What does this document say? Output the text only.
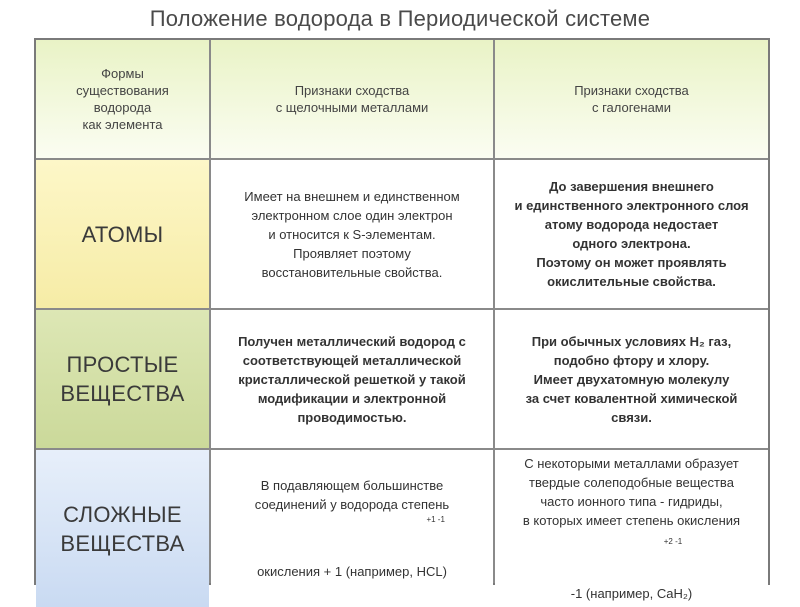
Положение водорода в Периодической системе
Формы
существования
водорода
как элемента
Признаки сходства
с щелочными металлами
Признаки сходства
с галогенами
АТОМЫ
Имеет на внешнем и единственном
электронном слое один электрон
и относится к S-элементам.
Проявляет поэтому
восстановительные свойства.
До завершения внешнего
и единственного электронного слоя
атому водорода недостает
одного электрона.
Поэтому он может проявлять
окислительные свойства.
ПРОСТЫЕ
ВЕЩЕСТВА
Получен металлический водород с
соответствующей металлической
кристаллической решеткой у такой
модификации и электронной
проводимостью.
При обычных условиях H₂ газ,
подобно фтору и хлору.
Имеет двухатомную молекулу
за счет ковалентной химической
связи.
СЛОЖНЫЕ
ВЕЩЕСТВА
В подавляющем большинстве
соединений у водорода степень

+1 -1

окисления + 1 (например, HCL)

С некоторыми металлами образует
твердые солеподобные вещества
часто ионного типа - гидриды,
в которых имеет степень окисления

+2 -1

-1 (например, CaH₂)
